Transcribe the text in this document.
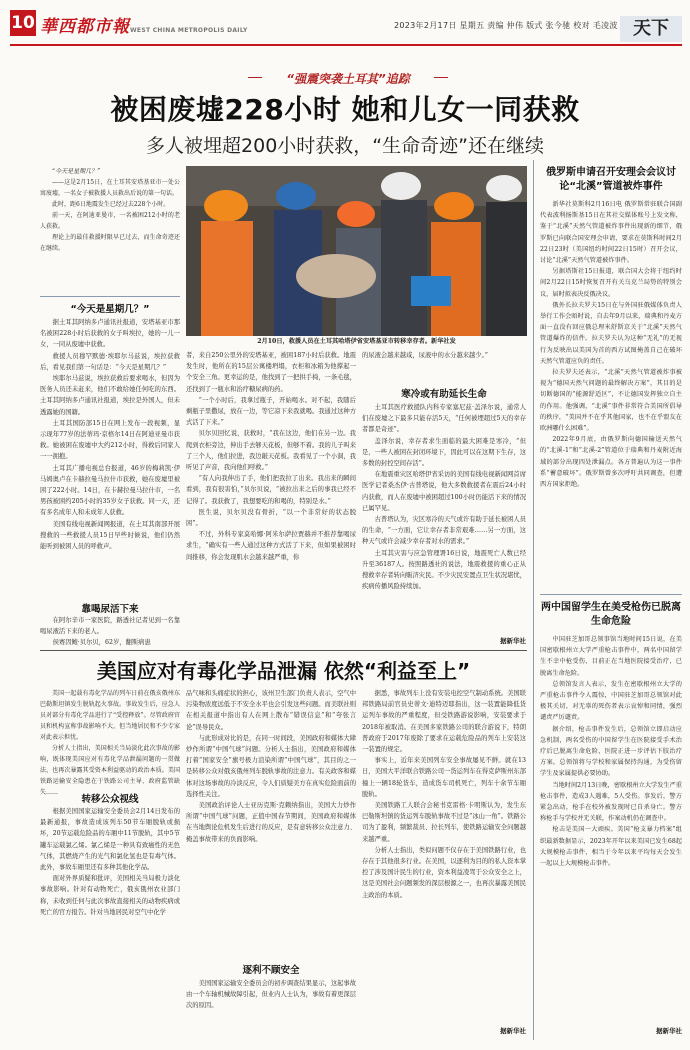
10 華西都市報 WEST CHINA METROPOLIS DAILY
2023年2月17日 星期五 责编 仲伟 版式 张今驰 校对 毛凌波 天下
“强震突袭土耳其”追踪
被困废墟228小时 她和儿女一同获救
多人被埋超200小时获救，“生命奇迹”还在继续

“今天是星期几？”

——这是2月15日，在土耳其安塔基亚市一处公寓废墟，一名女子被救援人员救出后说的第一句话。

此时，距6日地震发生已经过去228个小时。

前一天，在阿迪亚曼市，一名被困212小时的老人获救。

理论上的最佳救援时限早已过去，而生命奇迹还在继续。

“今天是星期几？”

据土耳其阿纳多卢通讯社报道，安塔基亚市那名被困228小时后获救的女子叫埃拉，她的一儿一女，一同从废墟中获救。

救援人员穆罕默德·埃耶尔马兹说，埃拉获救后，看见我们第一句话是：“今天是星期几？”

埃耶尔马兹说，埃拉获救后要求喝水，但因为医务人员还未赶来，他们不敢给她任何吃的东西。土耳其阿纳多卢通讯社报道，埃拉是外国人，但未透露她的国籍。

土耳其国防部15日在网上发布一段视频，显示现年77岁的法蒂玛·京格尔14日在阿迪亚曼市获救。她被困在废墟中大约212小时，得救后同家人一一拥抱。

土耳其广播电视总台报道，46岁的梅莉凯·伊马姆奥卢在卡赫拉曼马拉什市获救，她在废墟里被困了222小时。14日，在卡赫拉曼马拉什市，一名男孩被困约205小时的35岁女子获救。同一天，还有多名成年人和未成年人获救。

美国有线电视新闻网报道，在土耳其南部开展搜救的一些救援人员15日早些时候说，他们仍然能听到被困人员的呼救声。

靠喝尿活下来

在阿尔辛市一家医院，路透社记者见到一名靠喝尿液活下来的老人。

侯赛因鲍·贝尔贝，62岁，翻斯病患

2月10日，救援人员在土耳其哈塔伊省安塔基亚市转移幸存者。新华社发

者，来自250公里外的安塔基亚，被困187小时后获救。地震发生时，他所在的15层公寓楼坍塌，衣柜和冰箱为他撑起一个安全三角。更幸运的是，他找到了一把拱手椅，一条毛毯，还找到了一瓶水和治疗糖尿病的药。

“一个小时后，我拿过瓶子，开始喝水。对不起，我随后剩瓶子里撒尿，放在一边，等它凉下来我就喝。我通过这种方式活了下来。”

贝尔贝回忆说，获救时，“我在这边，他们在另一边。我爬到衣柜旁边，伸出手去够天花板，但够不着。我的儿子叫来了三个人，他们拉进，我边敲天花板。我看见了一个小洞，我听见了声音，我向他们呼救。”

“有人向我伸出了手，他们把我拉了出来。我出来的瞬间看到，我有很害怕，”贝尔贝说，“被拉出来之后的事我已经不记得了。我获救了，我想要吃的和喝的，特别是水。”

医生说，贝尔贝没有骨折，“以一个非常好的状态脱困”。

不过，外科专家莫哈娜·阿米尔萨拉贾赫并不推荐靠喝尿求生，“确实有一些人通过这种方式活了下来，但如果被困时间推移，你会发现肌水会越来越严重，你

的尿液会越来越咸，尿液中的水分越来越少。”

寒冷或有助延长生命

土耳其医疗救援队内科专家塞尼兹·盖泽尔说，通常人们在废墟之下最多只能存活5天，“任何被埋超过5天的幸存者都是奇迹”。

盖泽尔说，幸存者求生面临的最大困难是寒冷，“但是，一些人被困在封闭环境下，因此可以在这期下生存，这多数的封控空间存活”。

在地震重灾区哈塔伊省采访的美国有线电视新闻网首席医学记者桑杰伊·古普塔说，他大多数救援者在震后24小时内获救，而人在废墟中被困超过100小时仍能活下来的情况已属罕见。

古普塔认为，灾区寒冷的天气或许有助于延长被困人员的生命，“一方面，它让幸存者非常艰难……另一方面，这种天气或许会减少幸存者对水的需求。”

土耳其灾害与应急管理署16日说，地震死亡人数已经升至36187人。按照路透社的说法，地震救援的重心正从搜救幸存者转向赈济灾民。不少灾民安置点卫生状况堪忧，疾病传播风险持续加。

据新华社
俄罗斯申请召开安理会会议讨论“北溪”管道被炸事件

新华社莫斯科2月16日电 俄罗斯常驻联合国副代表波利扬斯基15日在其社交媒体账号上发文称，鉴于“北溪”天然气管道被炸事件出现新的细节，俄罗斯已向联合国安理会申请，要求在莫斯科时间2月22日23时（美国纽约时间22日15时）召开会议，讨论“北溪”天然气管道被炸事件。

另据塔斯社15日报道，联合国大会将于纽约时间2月22日15时恢复召开有关乌克兰局势的特别会议，届时拟表决反俄决议。

俄外长拉夫罗夫15日在与外国驻俄媒体负责人举行工作会晤时说，自去年9月以来，瑞典和丹麦方面一直没有回应俄总理米舒斯京关于“北溪”天然气管道爆炸的信件。拉夫罗夫认为这种“无礼”的无视行为反映出以美国为首的西方试图掩盖自己在破坏天然气管道应负的责任。

拉夫罗夫还表示，“北溪”天然气管道被炸事被视为“德国天然气问题的最终解决方案”，其目的是切断德国的“能源舒适区”，不让德国发挥独立自主的作用。他强调，“北溪”事件非常符合美国所倡导的秩序，“美国并不在乎其他国家，也不在乎盟友在欧洲哪什么困难”。

2022年9月底，由俄罗斯向德国输送天然气的“北溪-1”和“北溪-2”管道位于瑞典和丹麦附近海域的部分出现四处泄漏点。各方普遍认为这一事件系“蓄意破坏”。俄罗斯曾多次呼吁共同调查，但遭西方国家拒绝。

两中国留学生在美受枪伤已脱离生命危险

中国驻芝加哥总领事馆当地时间15日说，在美国密歇根州立大学严重枪击事件中，两名中国留学生不幸中枪受伤，目前正在当地医院接受治疗，已脱离生命危险。

总领馆发言人表示，发生在密歇根州立大学的严重枪击事件令人震惊，中国驻芝加哥总领馆对此极其关切，对无辜的死伤者表示哀悼和同情，强烈谴责严厉谴责。

据介绍，枪击事件发生后，总领馆立即启动应急机制，两名受伤的中国留学生在医院接受手术治疗后已脱离生命危险，医院正进一步评估下肢治疗方案。总领馆将与学校和家属保持沟通，为受伤留学生及家属提供必要协助。

当地时间2月13日晚，密歇根州立大学发生严重枪击事件，造成3人遇难，5人受伤。事发后，警方紧急出动，枪手在校外被发现时已自杀身亡。警方称枪手与学校并无关联，作案动机仍在调查中。

枪击是美国一大顽疾。美国“枪支暴力档案”组织最新数据显示，2023年开年以来美国已发生68起大规模枪击事件，相当于今年以来平均每天会发生一起以上大规模枪击事件。

据新华社
美国应对有毒化学品泄漏 依然“利益至上”

美国一起载有毒化学品的列车日前在俄亥俄州东巴勒斯坦镇发生脱轨起火事故。事故发生后，应急人员对部分有毒化学品进行了“受控释放”。尽管政府官员和机构宣称事故影响不大，但当地居民和不少专家对此表示担忧。

分析人士指出，美国相关当局淡化此次事故的影响，既体现美国应对有毒化学品泄漏问题的一贯做法，也再次暴露其受资本利益驱动的政治本质。美国铁路运输安全隐患在于铁路公司主导、政府监管缺失……

转移公众视线

根据美国国家运输安全委员会2月14日发布的最新通报，事故造成该列车50节车厢脱轨或损坏，20节运载危险品的车厢中11节脱轨，其中5节罐车运载氯乙烯。氯乙烯是一种具有致癌性的无色气体，其燃烧产生的光气和氯化氢也是有毒气体。此外，事故车厢里还有多种其他化学品。

面对外界质疑和批评，美国相关当局极力淡化事故影响。针对有动物死亡，俄亥俄州农业部门称，未收到任何与此次事故直接相关的动物疾病或死亡的官方报告。针对当地居民对空气中化学

品气味和头痛症状的担心，该州卫生部门负责人表示，空气中污染物浓度远低于不安全水平也会引发这些问题。而美联社则在相关报道中指出有人在网上散布“错误信息”和“夸张言论”误导民众。

与此形成对比的是，在同一时间段，美国政府和媒体大肆炒作所谓“中国气球”问题。分析人士指出，美国政府和媒体打着“国家安全”旗号极力渲染所谓“中国气球”，其目的之一是转移公众对俄亥俄州列车脱轨事故的注意力。有关政客和媒体对这场事故的冷淡反应，令人们质疑美方在真实危险面前的选择性关注。

美国政治评论人士亚历克斯·克赖纳指出，美国大力炒作所谓“中国气球”问题，正值中国春节期间，美国政府和媒体在当地舆论危机发生后进行的反应，是有意转移公众注意力、掩盖事故带来的负面影响。

逐利不顾安全

美国国家运输安全委员会的初步调查结果显示，这起事故由一个车轴机械故障引起，但业内人士认为，事故有着更深层次的原因。

据悉，事故列车上没有安装电控空气制动系统。美国联邦铁路局前官员史蒂文·迪特迈耶指出，这一装置能降低货运列车事故的严重程度，但受铁路游说影响，安装要求于2018年被取消。在美国多家铁路公司的联合游说下，特朗普政府于2017年废除了要求在运载危险品的列车上安装这一装置的规定。

事实上，近年来美国列车安全事故屡见不鲜。就在13日，美国大平洋联合铁路公司一货运列车在得克萨斯州东部撞上一辆18轮货车，造成货车司机死亡，列车十余节车厢脱轨。

美国铁路工人联合会秘书克雷格·卡明斯认为，发生东巴勒斯坦镇的货运列车脱轨事故不过是“冰山一角”。铁路公司为了盈利，频繁裁员、拉长列车，使铁路运输安全问题越来越严重。

分析人士指出，类似问题不仅存在于美国铁路行业，也存在于其他很多行业。在美国，以逐利为目的的私人资本掌控了涉及国计民生的行业，资本利益凌驾于公众安全之上，这是美国社会问题频发的深层根源之一，也再次暴露美国民主政治的本质。

据新华社
